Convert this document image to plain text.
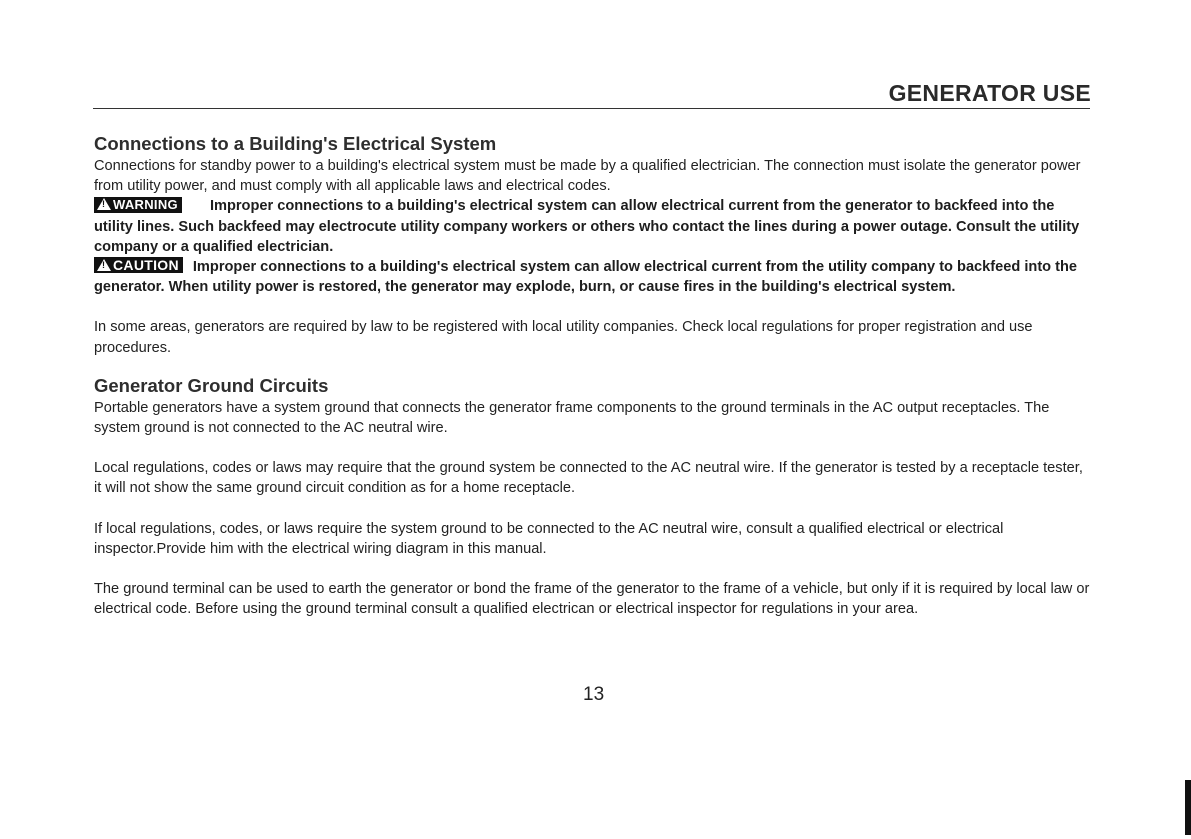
GENERATOR USE
Connections to a Building's Electrical System

Connections for standby power to a building's electrical system must be made by a qualified electrician. The connection must isolate the generator power from utility power, and must comply with all applicable laws and electrical codes.

!WARNING Improper connections to a building's electrical system can allow electrical current from the generator to backfeed into the utility lines. Such backfeed may electrocute utility company workers or others who contact the lines during a power outage. Consult the utility company or a qualified electrician.
!CAUTION Improper connections to a building's electrical system can allow electrical current from the utility company to backfeed into the generator. When utility power is restored, the generator may explode, burn, or cause fires in the building's electrical system.

In some areas, generators are required by law to be registered with local utility companies. Check local regulations for proper registration and use procedures.

Generator Ground Circuits

Portable generators have a system ground that connects the generator frame components to the ground terminals in the AC output receptacles. The system ground is not connected to the AC neutral wire.

Local regulations, codes or laws may require that the ground system be connected to the AC neutral wire. If the generator is tested by a receptacle tester, it will not show the same ground circuit condition as for a home receptacle.

If local regulations, codes, or laws require the system ground to be connected to the AC neutral wire, consult a qualified electrical or electrical inspector.Provide him with the electrical wiring diagram in this manual.

The ground terminal can be used to earth the generator or bond the frame of the generator to the frame of a vehicle, but only if it is required by local law or electrical code. Before using the ground terminal consult a qualified electrican or electrical inspector for regulations in your area.

13
